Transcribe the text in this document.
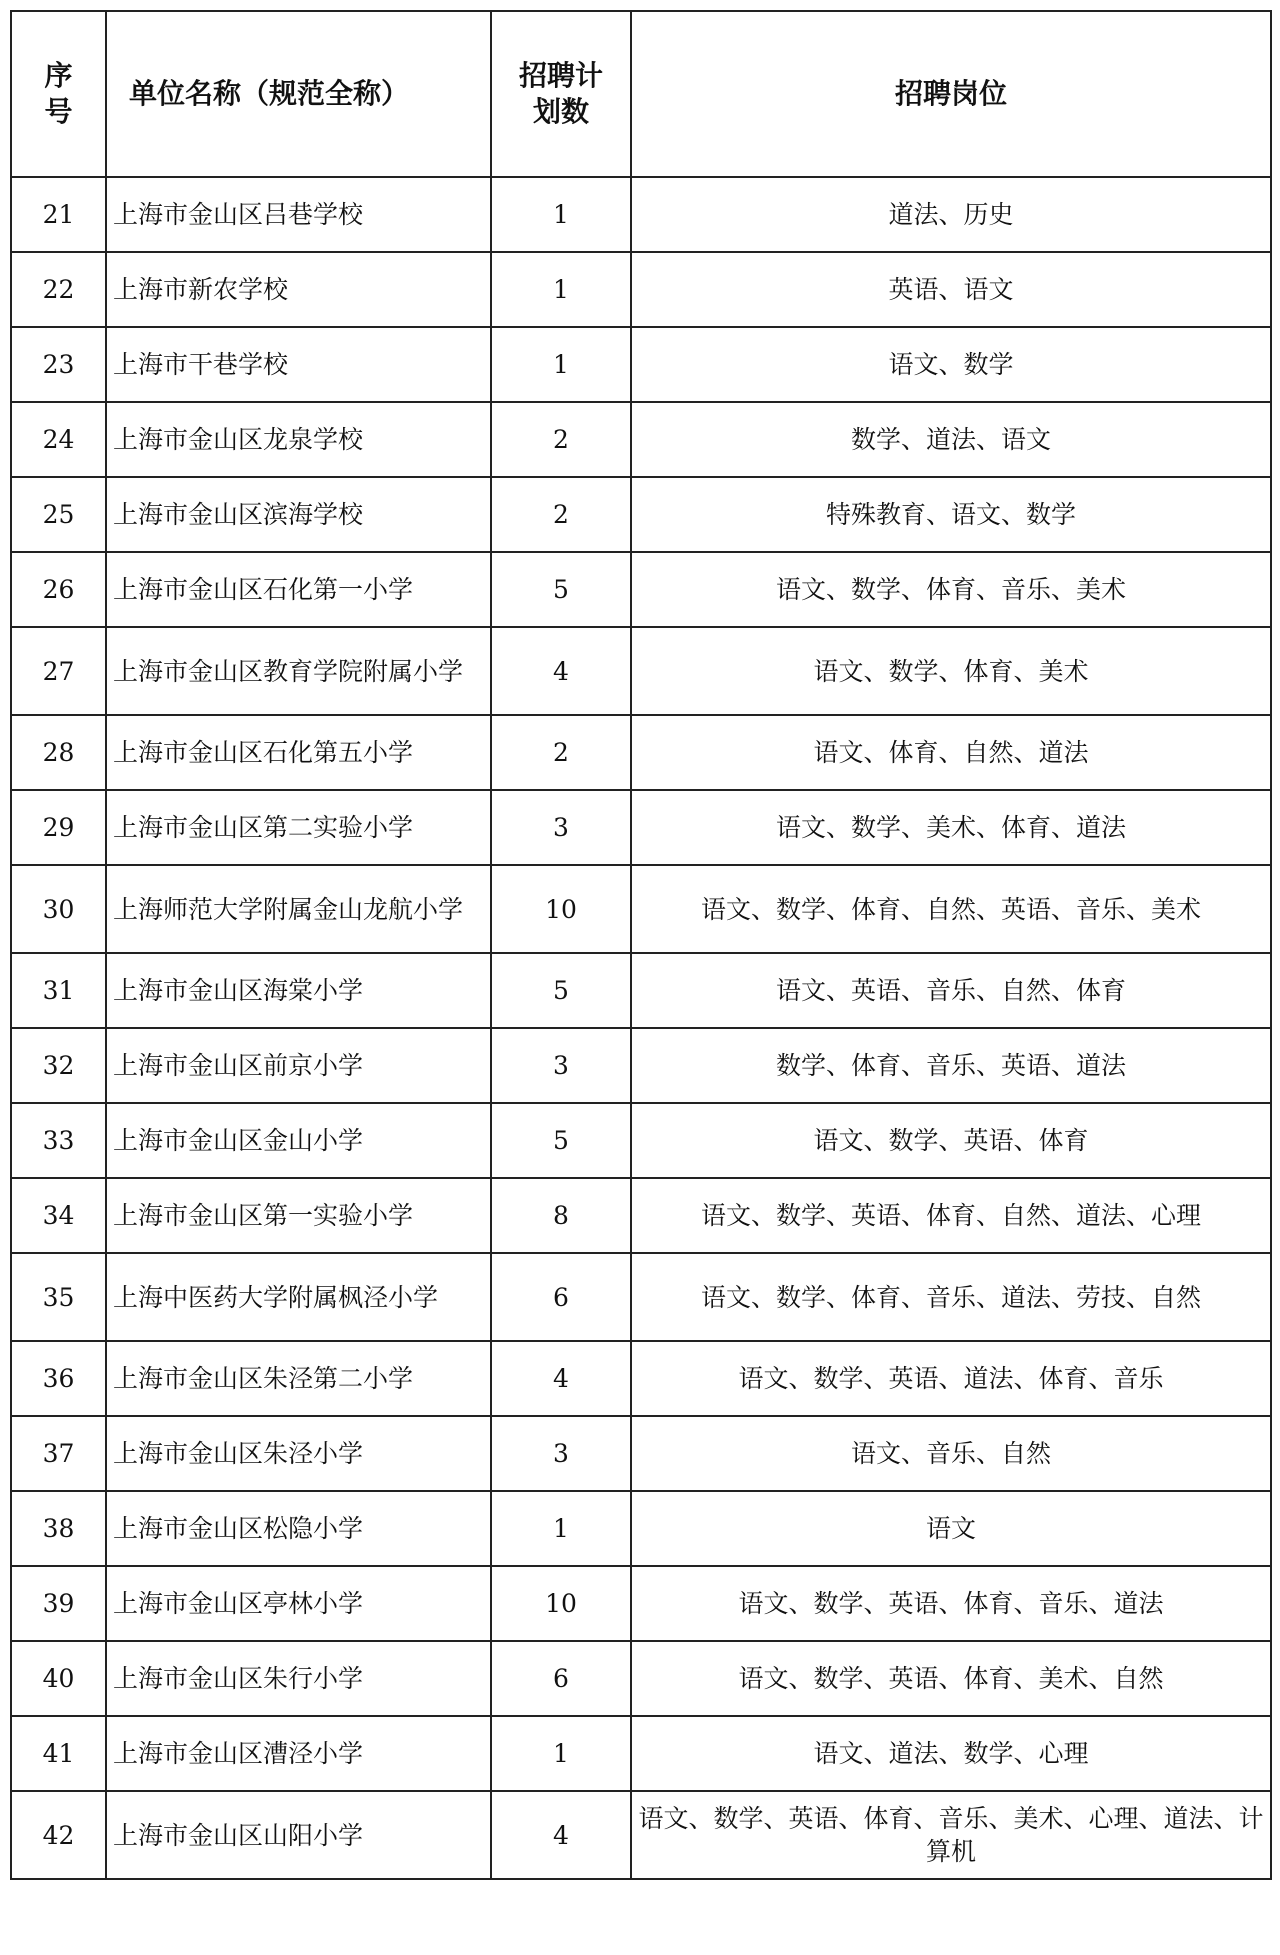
序号	单位名称（规范全称）	招聘计划数	招聘岗位
21	上海市金山区吕巷学校	1	道法、历史
22	上海市新农学校	1	英语、语文
23	上海市干巷学校	1	语文、数学
24	上海市金山区龙泉学校	2	数学、道法、语文
25	上海市金山区滨海学校	2	特殊教育、语文、数学
26	上海市金山区石化第一小学	5	语文、数学、体育、音乐、美术
27	上海市金山区教育学院附属小学	4	语文、数学、体育、美术
28	上海市金山区石化第五小学	2	语文、体育、自然、道法
29	上海市金山区第二实验小学	3	语文、数学、美术、体育、道法
30	上海师范大学附属金山龙航小学	10	语文、数学、体育、自然、英语、音乐、美术
31	上海市金山区海棠小学	5	语文、英语、音乐、自然、体育
32	上海市金山区前京小学	3	数学、体育、音乐、英语、道法
33	上海市金山区金山小学	5	语文、数学、英语、体育
34	上海市金山区第一实验小学	8	语文、数学、英语、体育、自然、道法、心理
35	上海中医药大学附属枫泾小学	6	语文、数学、体育、音乐、道法、劳技、自然
36	上海市金山区朱泾第二小学	4	语文、数学、英语、道法、体育、音乐
37	上海市金山区朱泾小学	3	语文、音乐、自然
38	上海市金山区松隐小学	1	语文
39	上海市金山区亭林小学	10	语文、数学、英语、体育、音乐、道法
40	上海市金山区朱行小学	6	语文、数学、英语、体育、美术、自然
41	上海市金山区漕泾小学	1	语文、道法、数学、心理
42	上海市金山区山阳小学	4	语文、数学、英语、体育、音乐、美术、心理、道法、计算机
